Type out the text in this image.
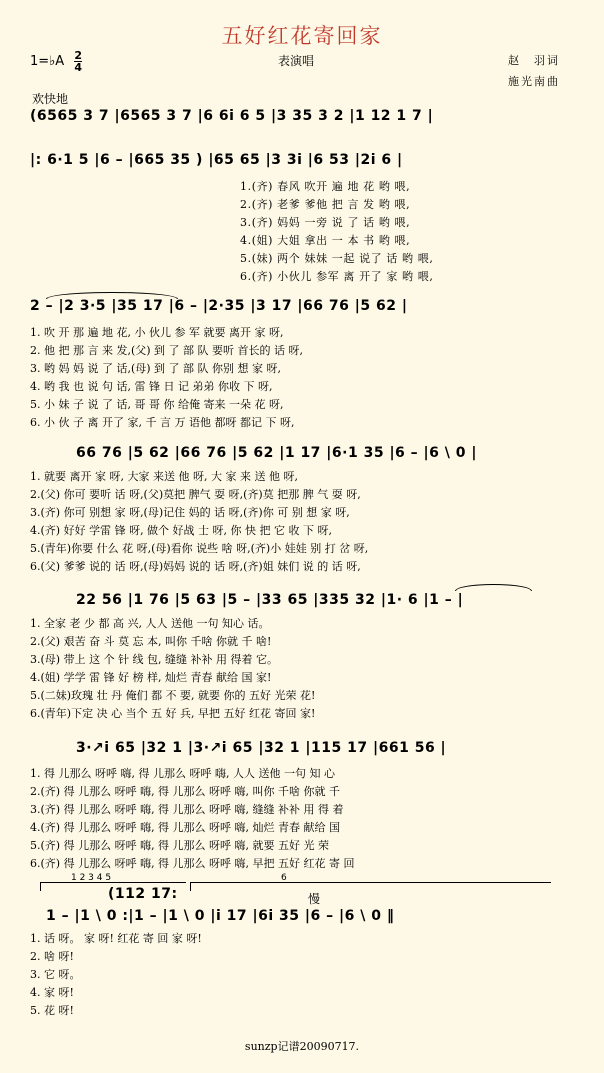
五好红花寄回家
1=♭A $\frac{2}{4}$	表演唱	赵　羽词
施光南曲
欢快地
(6565 3 7 |6565 3 7 |6 6i 6 5 |3 35 3 2 |1 12 1 7 |
|: 6·1 5 |6 – |665 35 ) |65 65 |3 3i |6 53 |2i 6 |
1.(齐) 春风 吹开 遍 地 花 哟 喂,
2.(齐) 老爹 爹他 把 言 发 哟 喂,
3.(齐) 妈妈 一旁 说 了 话 哟 喂,
4.(姐) 大姐 拿出 一 本 书 哟 喂,
5.(妹) 两个 妹妹 一起 说了 话 哟 喂,
6.(齐) 小伙儿 参军 离 开了 家 哟 喂,
2 – |2 3·5 |35 17 |6 – |2·35 |3 17 |66 76 |5 62 |
1. 吹 开 那 遍 地 花, 小 伙儿 参 军 就要 离开 家 呀,
2. 他 把 那 言 来 发,(父) 到 了 部 队 要听 首长的 话 呀,
3. 哟 妈 妈 说 了 话,(母) 到 了 部 队 你别 想 家 呀,
4. 哟 我 也 说 句 话, 雷 锋 日 记 弟弟 你收 下 呀,
5. 小 妹 子 说 了 话, 哥 哥 你 给俺 寄来 一朵 花 呀,
6. 小 伙 子 离 开了 家, 千 言 万 语他 都呀 都记 下 呀,
66 76 |5 62 |66 76 |5 62 |1 17 |6·1 35 |6 – |6 \ 0 |
1. 就要 离开 家 呀, 大家 来送 他 呀, 大 家 来 送 他 呀,
2.(父) 你可 要听 话 呀,(父)莫把 脾气 耍 呀,(齐)莫 把那 脾 气 耍 呀,
3.(齐) 你可 别想 家 呀,(母)记住 妈的 话 呀,(齐)你 可 别 想 家 呀,
4.(齐) 好好 学雷 锋 呀, 做个 好战 士 呀, 你 快 把 它 收 下 呀,
5.(青年)你要 什么 花 呀,(母)看你 说些 啥 呀,(齐)小 娃娃 别 打 岔 呀,
6.(父) 爹爹 说的 话 呀,(母)妈妈 说的 话 呀,(齐)姐 妹们 说 的 话 呀,
22 56 |1 76 |5 63 |5 – |33 65 |335 32 |1· 6 |1 – |
1. 全家 老 少 都 高 兴, 人人 送他 一句 知心 话。
2.(父) 艰苦 奋 斗 莫 忘 本, 叫你 千啥 你就 千 啥!
3.(母) 带上 这 个 针 线 包, 缝缝 补补 用 得着 它。
4.(姐) 学学 雷 锋 好 榜 样, 灿烂 青春 献给 国 家!
5.(二妹)玫瑰 壮 丹 俺们 都 不 要, 就要 你的 五好 光荣 花!
6.(青年)下定 决 心 当个 五 好 兵, 早把 五好 红花 寄回 家!
3·↗i 65 |32 1 |3·↗i 65 |32 1 |115 17 |661 56 |
1. 得 儿那么 呀呼 嗨, 得 儿那么 呀呼 嗨, 人人 送他 一句 知 心
2.(齐) 得 儿那么 呀呼 嗨, 得 儿那么 呀呼 嗨, 叫你 千啥 你就 千
3.(齐) 得 儿那么 呀呼 嗨, 得 儿那么 呀呼 嗨, 缝缝 补补 用 得 着
4.(齐) 得 儿那么 呀呼 嗨, 得 儿那么 呀呼 嗨, 灿烂 青春 献给 国
5.(齐) 得 儿那么 呀呼 嗨, 得 儿那么 呀呼 嗨, 就要 五好 光 荣
6.(齐) 得 儿那么 呀呼 嗨, 得 儿那么 呀呼 嗨, 早把 五好 红花 寄 回
1 2 3 4 5	6
慢
(112 17:
1 – |1 \ 0 :|1 – |1 \ 0 |i 17 |6i 35 |6 – |6 \ 0 ‖
1. 话 呀。 家 呀! 红花 寄 回 家 呀!
2. 啥 呀!
3. 它 呀。
4. 家 呀!
5. 花 呀!
sunzp记谱20090717.
